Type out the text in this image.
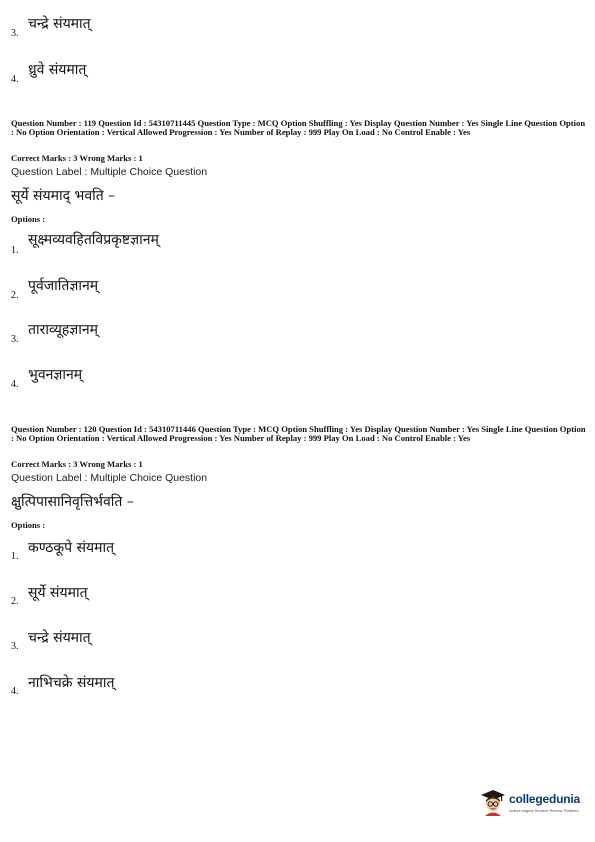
3.
चन्द्रे संयमात्
4.
ध्रुवे संयमात्
Question Number : 119 Question Id : 54310711445 Question Type : MCQ Option Shuffling : Yes Display Question Number : Yes Single Line Question Option : No Option Orientation : Vertical Allowed Progression : Yes Number of Replay : 999 Play On Load : No Control Enable : Yes
Correct Marks : 3 Wrong Marks : 1
Question Label : Multiple Choice Question
सूर्ये संयमाद् भवति –
Options :
1.
सूक्ष्मव्यवहितविप्रकृष्टज्ञानम्
2.
पूर्वजातिज्ञानम्
3.
ताराव्यूहज्ञानम्
4.
भुवनज्ञानम्
Question Number : 120 Question Id : 54310711446 Question Type : MCQ Option Shuffling : Yes Display Question Number : Yes Single Line Question Option : No Option Orientation : Vertical Allowed Progression : Yes Number of Replay : 999 Play On Load : No Control Enable : Yes
Correct Marks : 3 Wrong Marks : 1
Question Label : Multiple Choice Question
क्षुत्पिपासानिवृत्तिर्भवति –
Options :
1.
कण्ठकूपे संयमात्
2.
सूर्ये संयमात्
3.
चन्द्रे संयमात्
4.
नाभिचक्रे संयमात्
collegedunia
India's largest Student Review Platform
